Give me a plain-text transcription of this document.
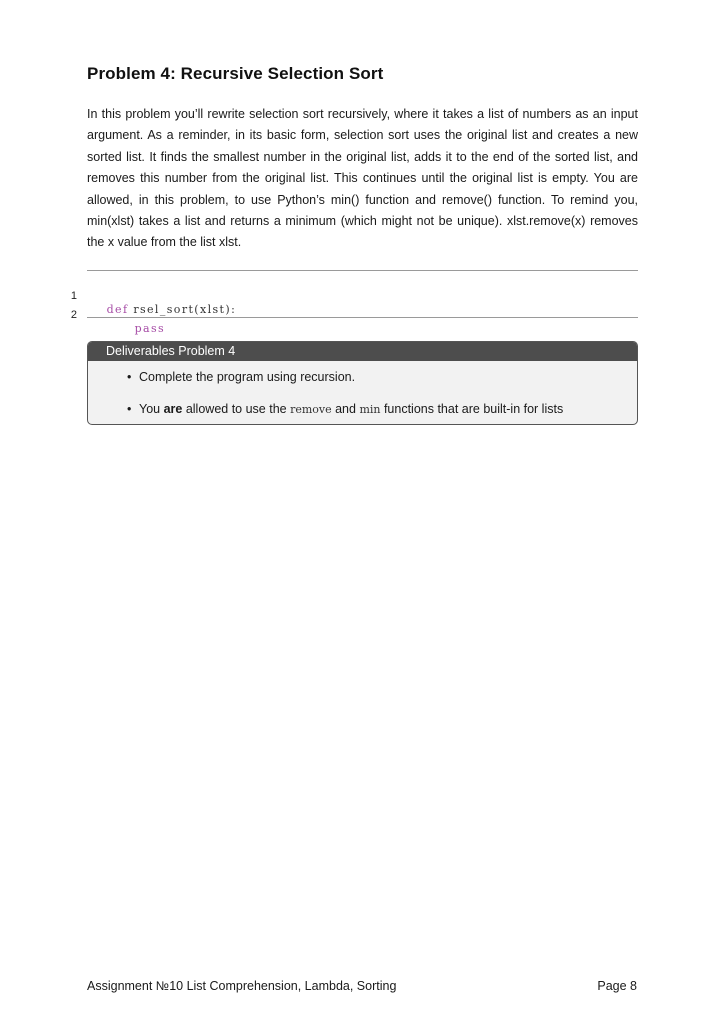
Problem 4: Recursive Selection Sort
In this problem you’ll rewrite selection sort recursively, where it takes a list of numbers as an input argument. As a reminder, in its basic form, selection sort uses the original list and creates a new sorted list. It finds the smallest number in the original list, adds it to the end of the sorted list, and removes this number from the original list. This continues until the original list is empty. You are allowed, in this problem, to use Python’s min() function and remove() function. To remind you, min(xlst) takes a list and returns a minimum (which might not be unique). xlst.remove(x) removes the x value from the list xlst.

1

def rsel_sort(xlst):

2

pass

Deliverables Problem 4
• Complete the program using recursion.
• You are allowed to use the remove and min functions that are built-in for lists
Assignment №10 List Comprehension, Lambda, Sorting	Page 8
